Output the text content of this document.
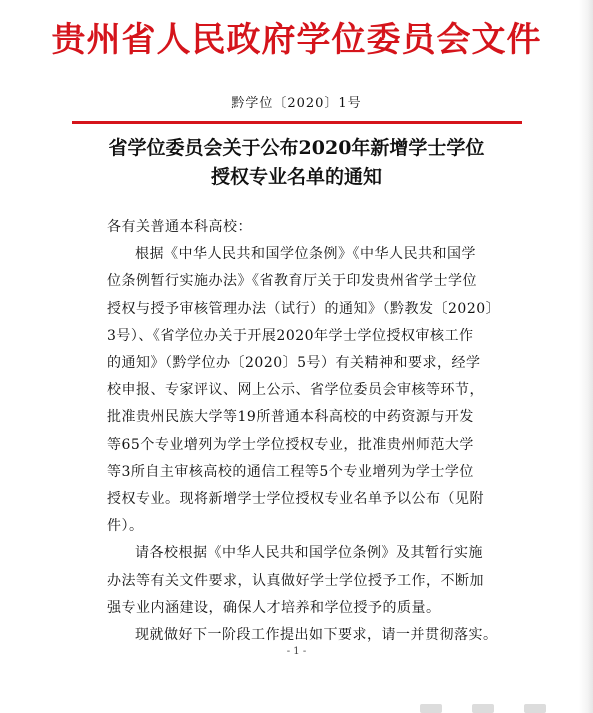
贵州省人民政府学位委员会文件
黔学位〔2020〕1号
省学位委员会关于公布2020年新增学士学位
授权专业名单的通知

各有关普通本科高校：

根据《中华人民共和国学位条例》《中华人民共和国学
位条例暂行实施办法》《省教育厅关于印发贵州省学士学位
授权与授予审核管理办法（试行）的通知》（黔教发〔2020〕
3号）、《省学位办关于开展2020年学士学位授权审核工作
的通知》（黔学位办〔2020〕5号）有关精神和要求，经学
校申报、专家评议、网上公示、省学位委员会审核等环节，
批准贵州民族大学等19所普通本科高校的中药资源与开发
等65个专业增列为学士学位授权专业，批准贵州师范大学
等3所自主审核高校的通信工程等5个专业增列为学士学位
授权专业。现将新增学士学位授权专业名单予以公布（见附
件）。

请各校根据《中华人民共和国学位条例》及其暂行实施
办法等有关文件要求，认真做好学士学位授予工作，不断加
强专业内涵建设，确保人才培养和学位授予的质量。

现就做好下一阶段工作提出如下要求，请一并贯彻落实。

- 1 -
